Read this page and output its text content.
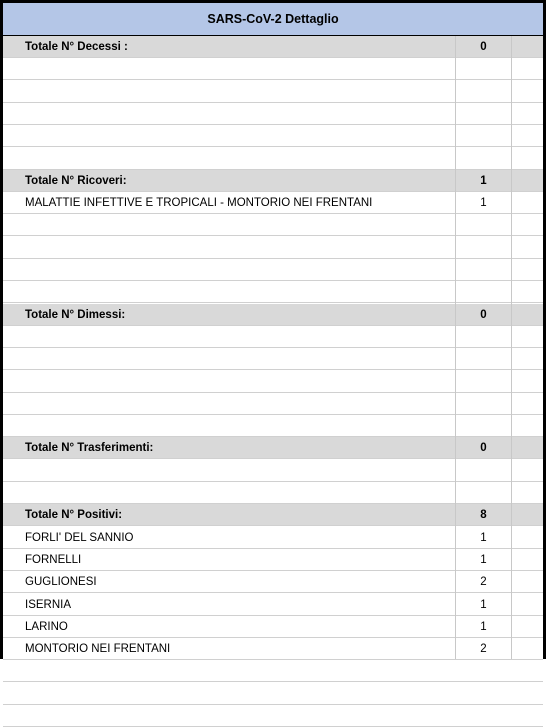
SARS-CoV-2 Dettaglio
Totale N° Decessi :	0
Totale N° Ricoveri:	1
MALATTIE INFETTIVE E TROPICALI - MONTORIO NEI FRENTANI	1
Totale N° Dimessi:	0
Totale N° Trasferimenti:	0
Totale N° Positivi:	8
FORLI' DEL SANNIO	1
FORNELLI	1
GUGLIONESI	2
ISERNIA	1
LARINO	1
MONTORIO NEI FRENTANI	2
